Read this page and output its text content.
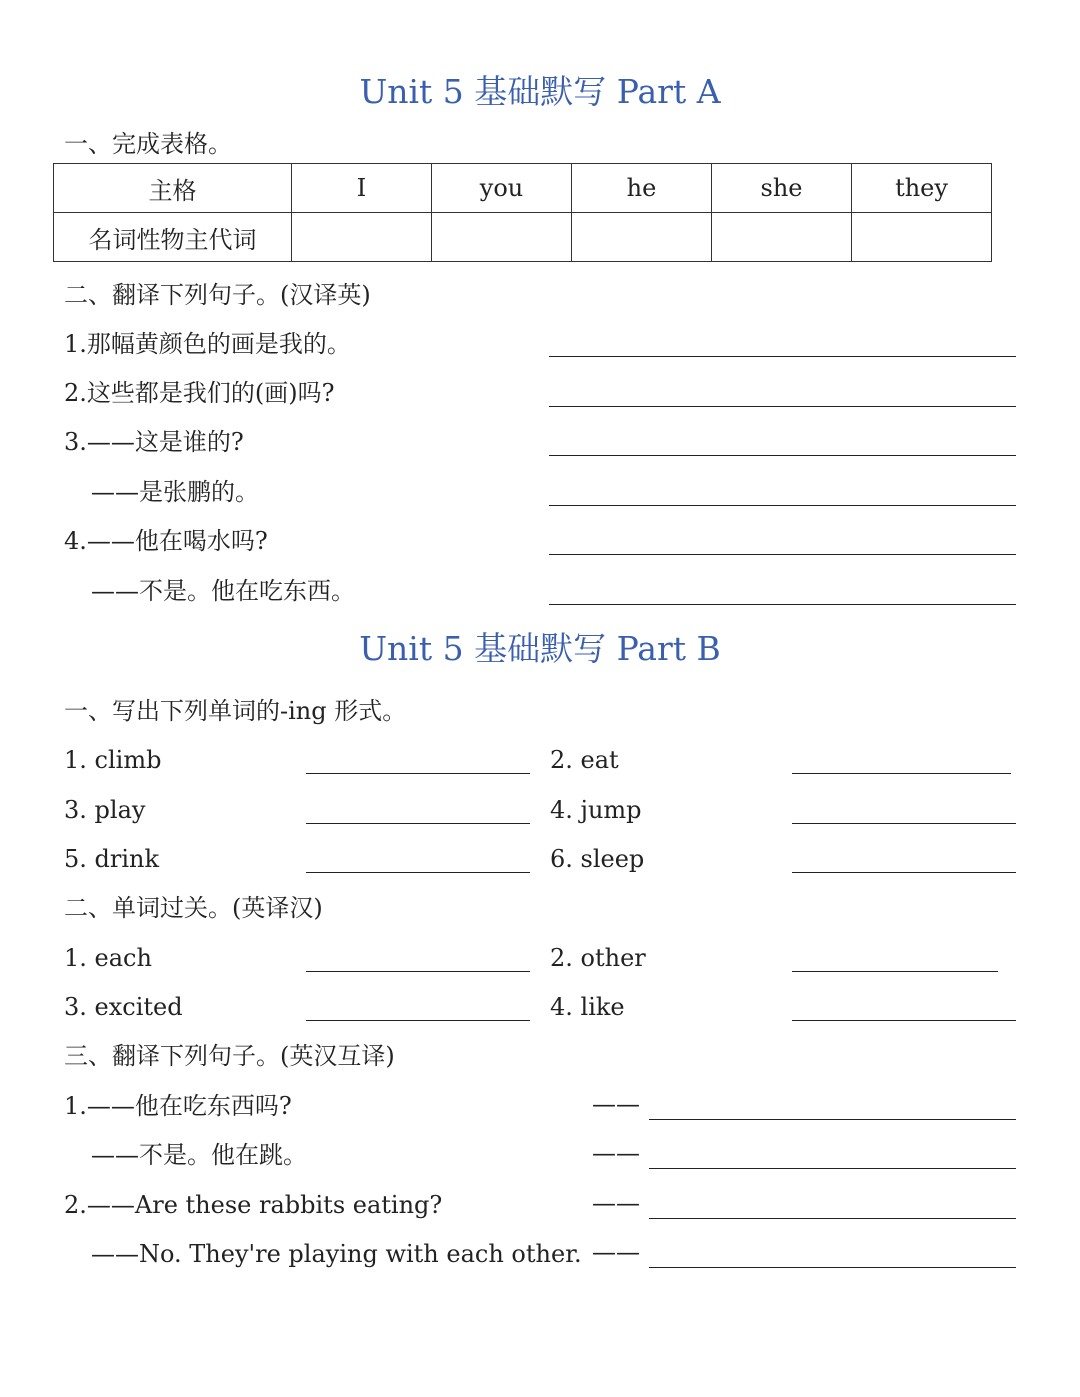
Unit 5 基础默写 Part A
一、完成表格。
主格	I	you	he	she	they
名词性物主代词					
二、翻译下列句子。(汉译英)
1.那幅黄颜色的画是我的。
2.这些都是我们的(画)吗?
3.——这是谁的?
——是张鹏的。
4.——他在喝水吗?
——不是。他在吃东西。
Unit 5 基础默写 Part B
一、写出下列单词的-ing 形式。
1. climb	2. eat
3. play	4. jump
5. drink	6. sleep
二、单词过关。(英译汉)
1. each	2. other
3. excited	4. like
三、翻译下列句子。(英汉互译)
1.——他在吃东西吗?	——
——不是。他在跳。	——
2.——Are these rabbits eating?	——
——No. They're playing with each other. ——
